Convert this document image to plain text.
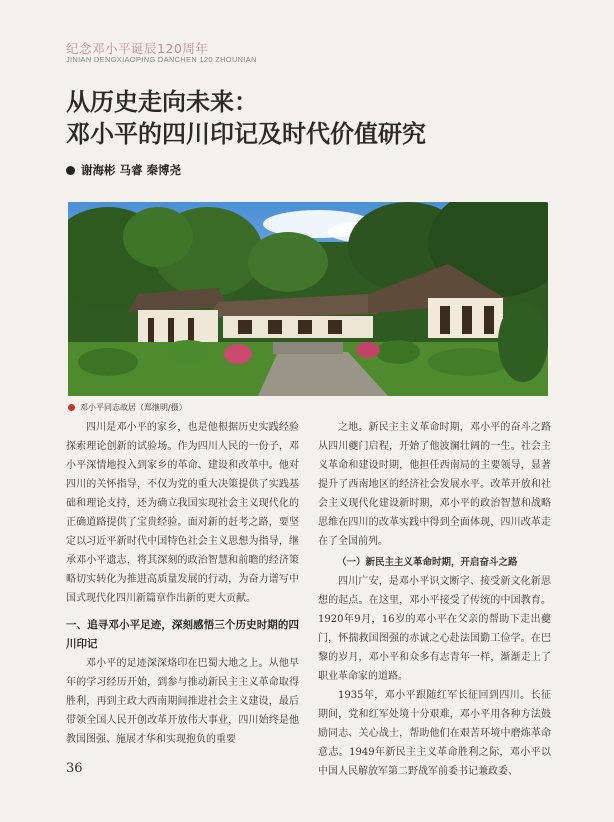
纪念邓小平诞辰120周年
JINIAN DENGXIAOPING DANCHEN 120 ZHOUNIAN
从历史走向未来：
邓小平的四川印记及时代价值研究
谢海彬 马睿 秦博尧
邓小平同志故居（郑继明/摄）

四川是邓小平的家乡，也是他根据历史实践经验探索理论创新的试验场。作为四川人民的一份子，邓小平深情地投入到家乡的革命、建设和改革中。他对四川的关怀指导，不仅为党的重大决策提供了实践基础和理论支持，还为确立我国实现社会主义现代化的正确道路提供了宝贵经验。面对新的赶考之路，要坚定以习近平新时代中国特色社会主义思想为指导，继承邓小平遗志，将其深刻的政治智慧和前瞻的经济策略切实转化为推进高质量发展的行动，为奋力谱写中国式现代化四川新篇章作出新的更大贡献。

一、追寻邓小平足迹，深刻感悟三个历史时期的四川印记

邓小平的足迹深深烙印在巴蜀大地之上。从他早年的学习经历开始，到参与推动新民主主义革命取得胜利，再到主政大西南期间推进社会主义建设，最后带领全国人民开创改革开放伟大事业，四川始终是他教国图强、施展才华和实现抱负的重要

之地。新民主主义革命时期，邓小平的奋斗之路从四川夔门启程，开始了他波澜壮阔的一生。社会主义革命和建设时期，他担任西南局的主要领导，显著提升了西南地区的经济社会发展水平。改革开放和社会主义现代化建设新时期，邓小平的政治智慧和战略思维在四川的改革实践中得到全面体现，四川改革走在了全国前列。

（一）新民主主义革命时期，开启奋斗之路

四川广安，是邓小平识文断字、接受新文化新思想的起点。在这里，邓小平接受了传统的中国教育。1920年9月，16岁的邓小平在父亲的帮助下走出夔门，怀揣救国图强的赤诚之心赴法国勤工俭学。在巴黎的岁月，邓小平和众多有志青年一样，渐渐走上了职业革命家的道路。

1935年，邓小平跟随红军长征回到四川。长征期间，党和红军处境十分艰难，邓小平用各种方法鼓励同志、关心战士，帮助他们在艰苦环境中磨炼革命意志。1949年新民主主义革命胜利之际，邓小平以中国人民解放军第二野战军前委书记兼政委、

36
